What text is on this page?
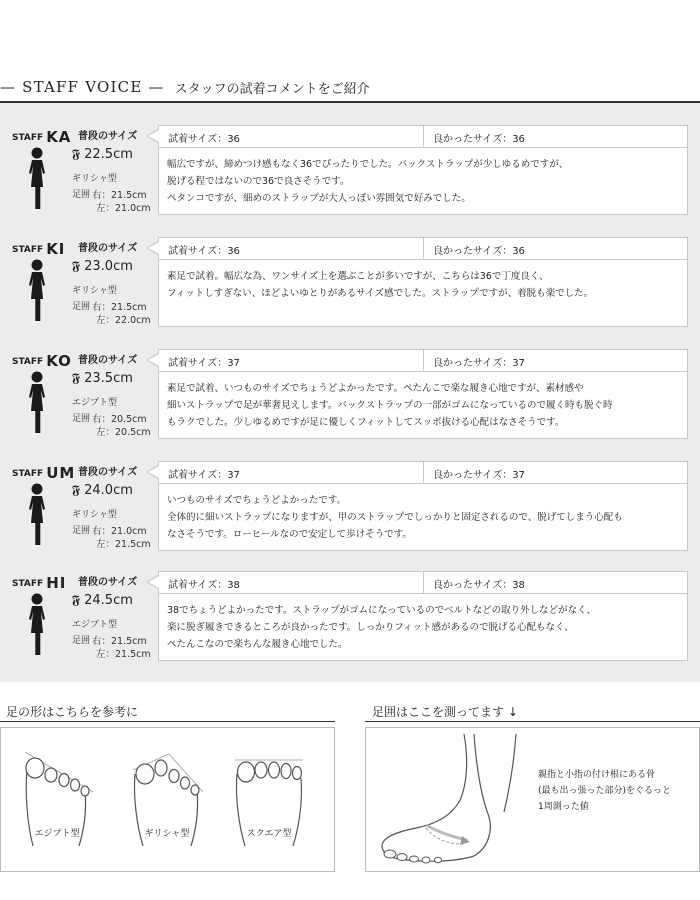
— STAFF VOICE — スタッフの試着コメントをご紹介
STAFF KA 普段のサイズ
𝕱 22.5cm
ギリシャ型
足囲 右：21.5cm
左：21.0cm
試着サイズ：36	良かったサイズ：36
幅広ですが、締めつけ感もなく36でぴったりでした。バックストラップが少しゆるめですが、
脱げる程ではないので36で良さそうです。
ペタンコですが、細めのストラップが大人っぽい雰囲気で好みでした。
STAFF KI 普段のサイズ
𝕱 23.0cm
ギリシャ型
足囲 右：21.5cm
左：22.0cm
試着サイズ：36	良かったサイズ：36
素足で試着。幅広な為、ワンサイズ上を選ぶことが多いですが、こちらは36で丁度良く、
フィットしすぎない、ほどよいゆとりがあるサイズ感でした。ストラップですが、着脱も楽でした。
STAFF KO 普段のサイズ
𝕱 23.5cm
エジプト型
足囲 右：20.5cm
左：20.5cm
試着サイズ：37	良かったサイズ：37
素足で試着、いつものサイズでちょうどよかったです。ぺたんこで楽な履き心地ですが、素材感や
細いストラップで足が華奢見えします。バックストラップの一部がゴムになっているので履く時も脱ぐ時
もラクでした。少しゆるめですが足に優しくフィットしてスッポ抜ける心配はなさそうです。
STAFF UM 普段のサイズ
𝕱 24.0cm
ギリシャ型
足囲 右：21.0cm
左：21.5cm
試着サイズ：37	良かったサイズ：37
いつものサイズでちょうどよかったです。
全体的に細いストラップになりますが、甲のストラップでしっかりと固定されるので、脱げてしまう心配も
なさそうです。ローヒールなので安定して歩けそうです。
STAFF HI 普段のサイズ
𝕱 24.5cm
エジプト型
足囲 右：21.5cm
左：21.5cm
試着サイズ：38	良かったサイズ：38
38でちょうどよかったです。ストラップがゴムになっているのでベルトなどの取り外しなどがなく、
楽に脱ぎ履きできるところが良かったです。しっかりフィット感があるので脱げる心配もなく、
ぺたんこなので楽ちんな履き心地でした。
足の形はこちらを参考に
エジプト型	ギリシャ型	スクエア型
足囲はここを測ってます ↓
親指と小指の付け根にある骨
(最も出っ張った部分)をぐるっと
1周測った値
